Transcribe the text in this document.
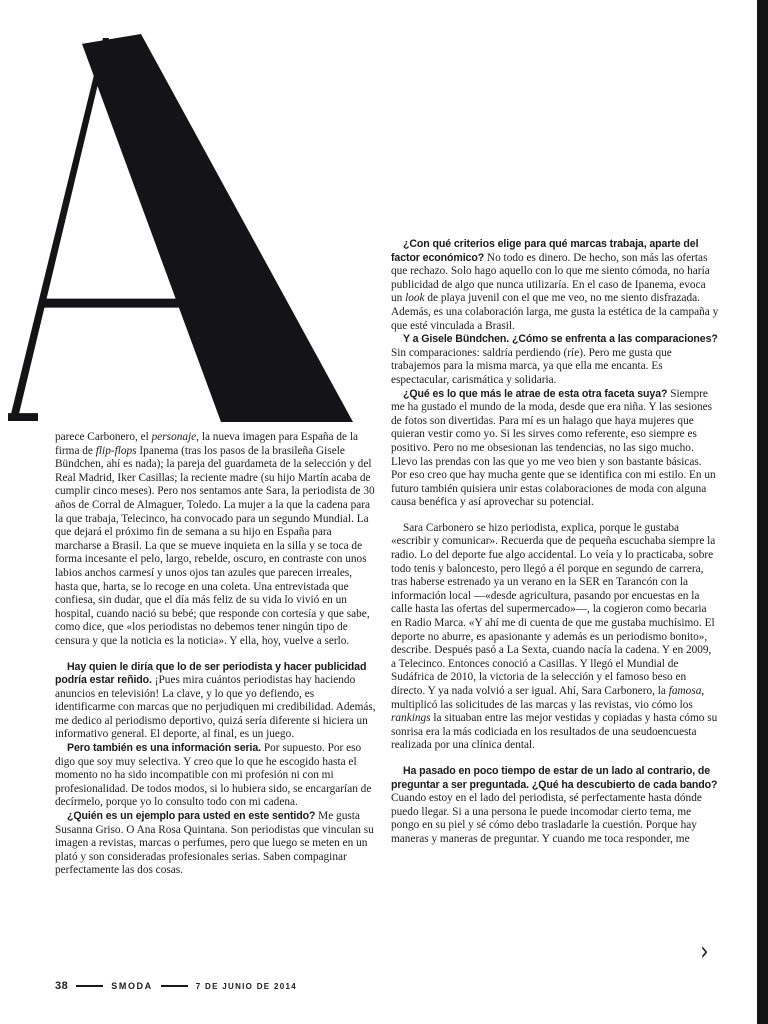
parece Carbonero, el personaje, la nueva imagen para España de la firma de flip-flops Ipanema (tras los pasos de la brasileña Gisele Bündchen, ahí es nada); la pareja del guardameta de la selección y del Real Madrid, Iker Casillas; la reciente madre (su hijo Martín acaba de cumplir cinco meses). Pero nos sentamos ante Sara, la periodista de 30 años de Corral de Almaguer, Toledo. La mujer a la que la cadena para la que trabaja, Telecinco, ha convocado para un segundo Mundial. La que dejará el próximo fin de semana a su hijo en España para marcharse a Brasil. La que se mueve inquieta en la silla y se toca de forma incesante el pelo, largo, rebelde, oscuro, en contraste con unos labios anchos carmesí y unos ojos tan azules que parecen irreales, hasta que, harta, se lo recoge en una coleta. Una entrevistada que confiesa, sin dudar, que el día más feliz de su vida lo vivió en un hospital, cuando nació su bebé; que responde con cortesía y que sabe, como dice, que «los periodistas no debemos tener ningún tipo de censura y que la noticia es la noticia». Y ella, hoy, vuelve a serlo.

Hay quien le diría que lo de ser periodista y hacer publicidad podría estar reñido. ¡Pues mira cuántos periodistas hay haciendo anuncios en televisión! La clave, y lo que yo defiendo, es identificarme con marcas que no perjudiquen mi credibilidad. Además, me dedico al periodismo deportivo, quizá sería diferente si hiciera un informativo general. El deporte, al final, es un juego.

Pero también es una información seria. Por supuesto. Por eso digo que soy muy selectiva. Y creo que lo que he escogido hasta el momento no ha sido incompatible con mi profesión ni con mi profesionalidad. De todos modos, si lo hubiera sido, se encargarían de decírmelo, porque yo lo consulto todo con mi cadena.

¿Quién es un ejemplo para usted en este sentido? Me gusta Susanna Griso. O Ana Rosa Quintana. Son periodistas que vinculan su imagen a revistas, marcas o perfumes, pero que luego se meten en un plató y son consideradas profesionales serias. Saben compaginar perfectamente las dos cosas.

¿Con qué criterios elige para qué marcas trabaja, aparte del factor económico? No todo es dinero. De hecho, son más las ofertas que rechazo. Solo hago aquello con lo que me siento cómoda, no haría publicidad de algo que nunca utilizaría. En el caso de Ipanema, evoca un look de playa juvenil con el que me veo, no me siento disfrazada. Además, es una colaboración larga, me gusta la estética de la campaña y que esté vinculada a Brasil.

Y a Gisele Bündchen. ¿Cómo se enfrenta a las comparaciones? Sin comparaciones: saldría perdiendo (ríe). Pero me gusta que trabajemos para la misma marca, ya que ella me encanta. Es espectacular, carismática y solidaria.

¿Qué es lo que más le atrae de esta otra faceta suya? Siempre me ha gustado el mundo de la moda, desde que era niña. Y las sesiones de fotos son divertidas. Para mí es un halago que haya mujeres que quieran vestir como yo. Si les sirves como referente, eso siempre es positivo. Pero no me obsesionan las tendencias, no las sigo mucho. Llevo las prendas con las que yo me veo bien y son bastante básicas. Por eso creo que hay mucha gente que se identifica con mi estilo. En un futuro también quisiera unir estas colaboraciones de moda con alguna causa benéfica y así aprovechar su potencial.

Sara Carbonero se hizo periodista, explica, porque le gustaba «escribir y comunicar». Recuerda que de pequeña escuchaba siempre la radio. Lo del deporte fue algo accidental. Lo veía y lo practicaba, sobre todo tenis y baloncesto, pero llegó a él porque en segundo de carrera, tras haberse estrenado ya un verano en la SER en Tarancón con la información local —«desde agricultura, pasando por encuestas en la calle hasta las ofertas del supermercado»—, la cogieron como becaria en Radio Marca. «Y ahí me di cuenta de que me gustaba muchísimo. El deporte no aburre, es apasionante y además es un periodismo bonito», describe. Después pasó a La Sexta, cuando nacía la cadena. Y en 2009, a Telecinco. Entonces conoció a Casillas. Y llegó el Mundial de Sudáfrica de 2010, la victoria de la selección y el famoso beso en directo. Y ya nada volvió a ser igual. Ahí, Sara Carbonero, la famosa, multiplicó las solicitudes de las marcas y las revistas, vio cómo los rankings la situaban entre las mejor vestidas y copiadas y hasta cómo su sonrisa era la más codiciada en los resultados de una seudoencuesta realizada por una clínica dental.

Ha pasado en poco tiempo de estar de un lado al contrario, de preguntar a ser preguntada. ¿Qué ha descubierto de cada bando? Cuando estoy en el lado del periodista, sé perfectamente hasta dónde puedo llegar. Si a una persona le puede incomodar cierto tema, me pongo en su piel y sé cómo debo trasladarle la cuestión. Porque hay maneras y maneras de preguntar. Y cuando me toca responder, me

›
38	SMODA	7 DE JUNIO DE 2014
